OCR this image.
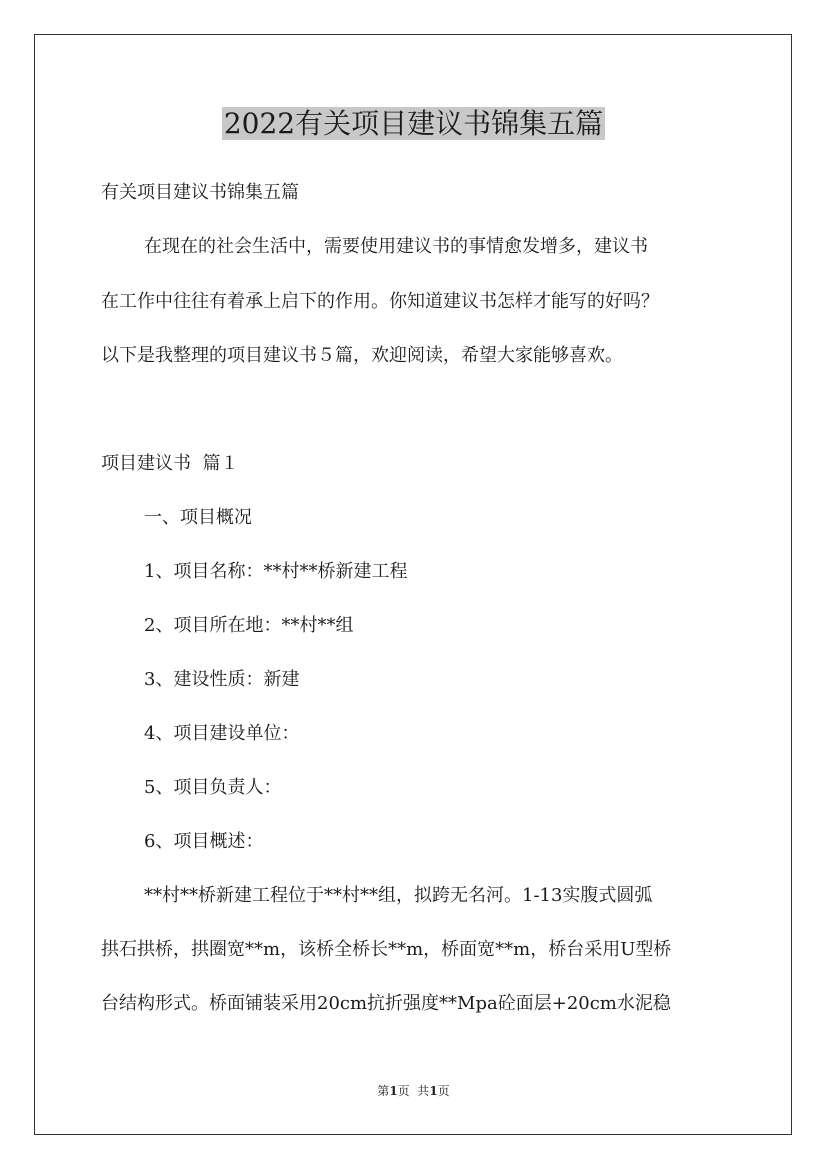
2022有关项目建议书锦集五篇

有关项目建议书锦集五篇

在现在的社会生活中，需要使用建议书的事情愈发增多，建议书

在工作中往往有着承上启下的作用。你知道建议书怎样才能写的好吗？

以下是我整理的项目建议书５篇，欢迎阅读，希望大家能够喜欢。

项目建议书  篇１

一、项目概况

1、项目名称：**村**桥新建工程

2、项目所在地：**村**组

3、建设性质：新建

4、项目建设单位：

5、项目负责人：

6、项目概述：

**村**桥新建工程位于**村**组，拟跨无名河。1-13实腹式圆弧

拱石拱桥，拱圈宽**m，该桥全桥长**m，桥面宽**m，桥台采用U型桥

台结构形式。桥面铺装采用20cm抗折强度**Mpa砼面层+20cm水泥稳

第1页  共1页
